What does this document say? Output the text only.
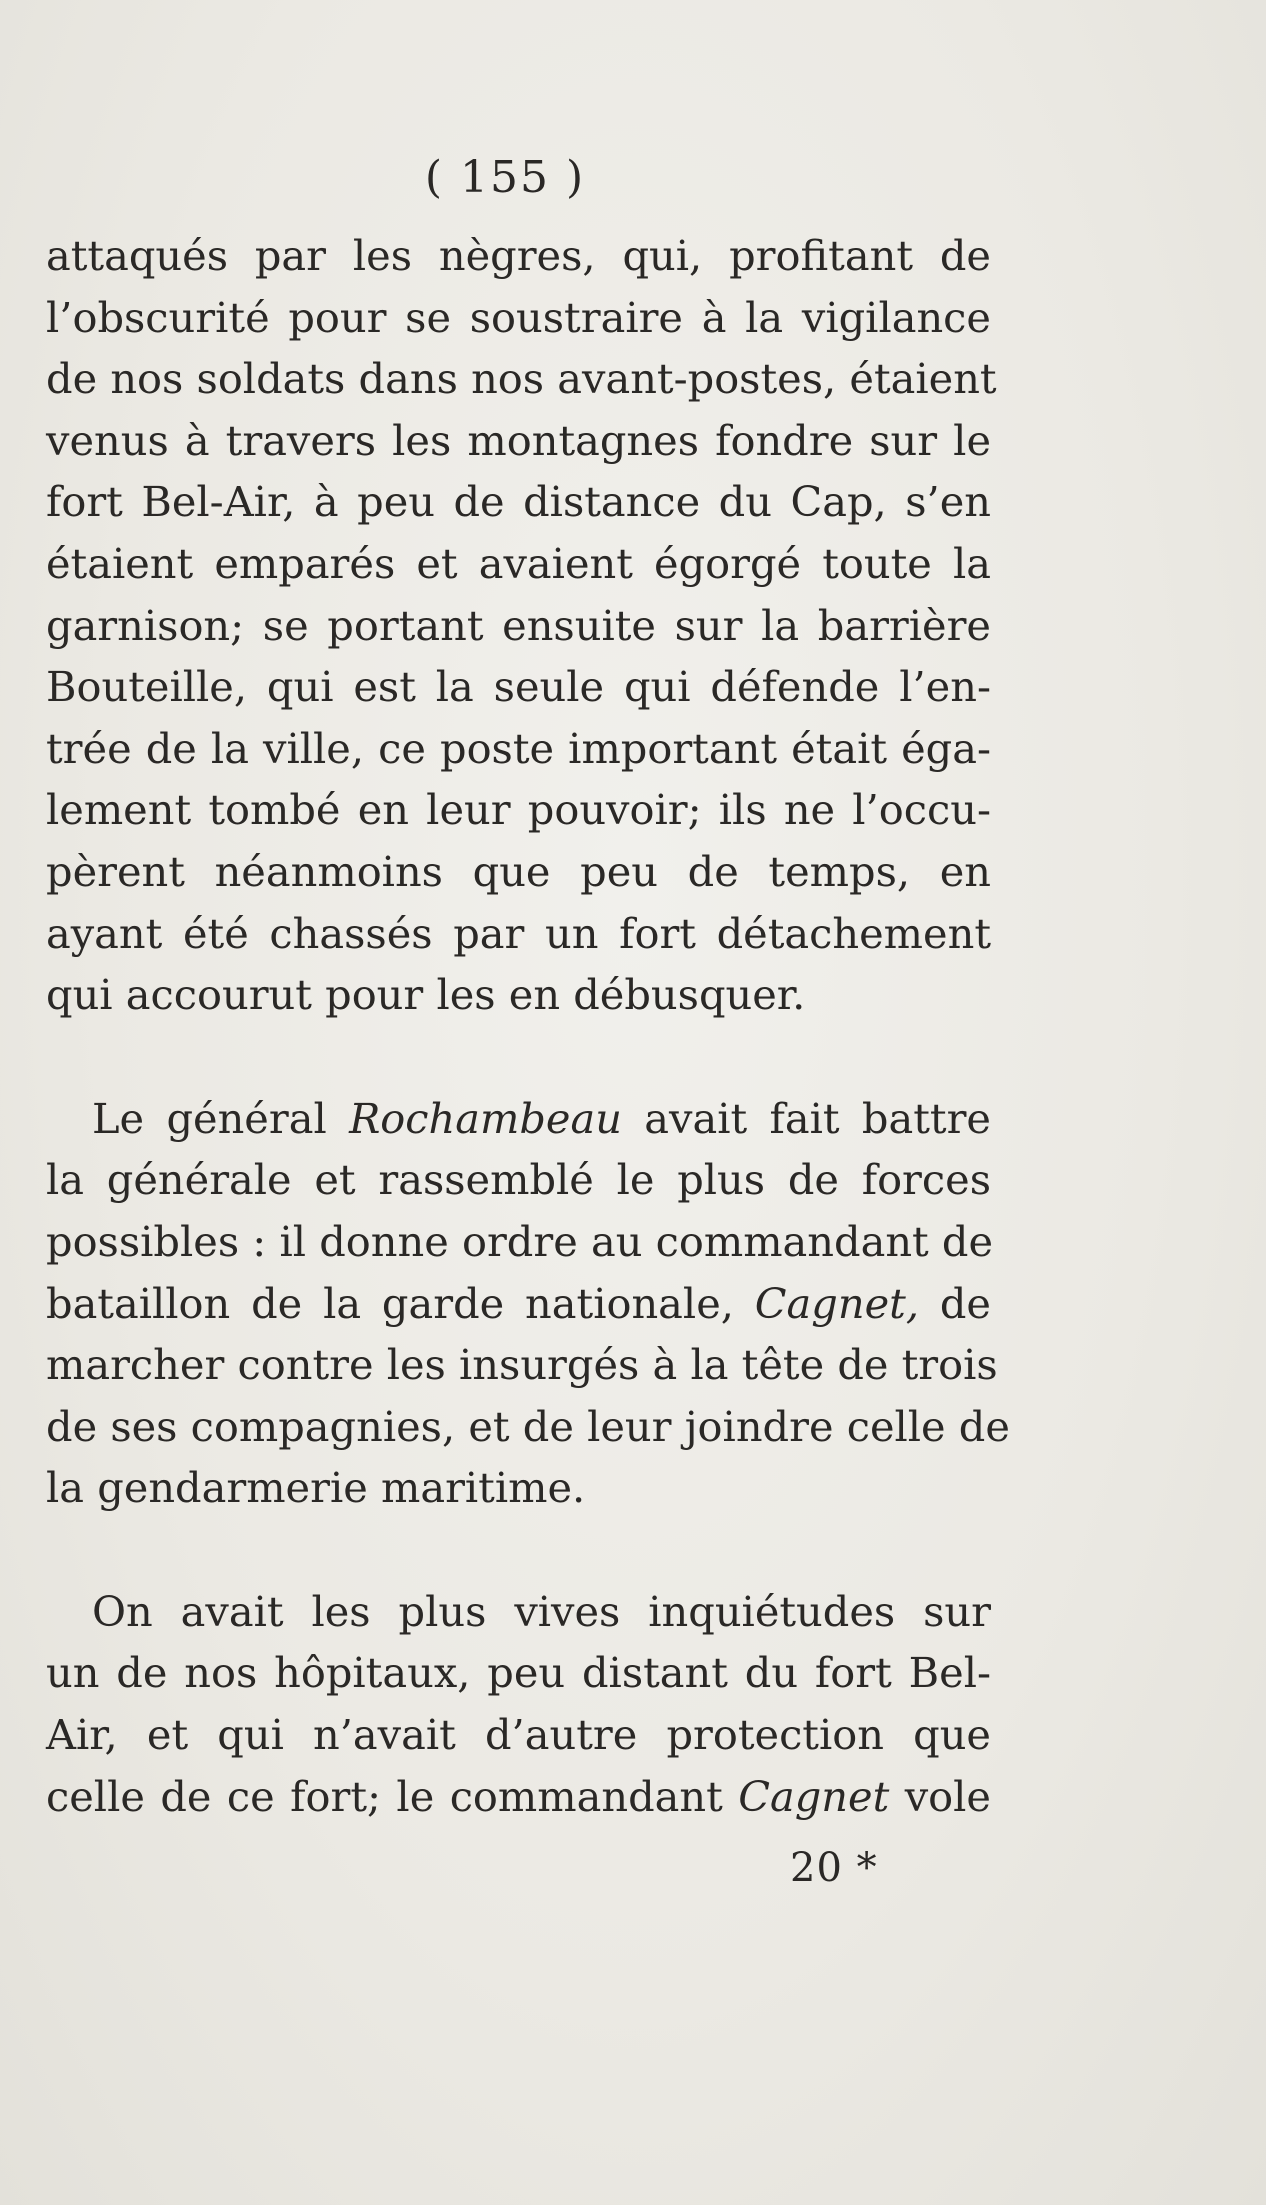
( 155 )

attaqués par les nègres, qui, profitant de
l’obscurité pour se soustraire à la vigilance
de nos soldats dans nos avant-postes, étaient
venus à travers les montagnes fondre sur le
fort Bel-Air, à peu de distance du Cap, s’en
étaient emparés et avaient égorgé toute la
garnison; se portant ensuite sur la barrière
Bouteille, qui est la seule qui défende l’en-
trée de la ville, ce poste important était éga-
lement tombé en leur pouvoir; ils ne l’occu-
pèrent néanmoins que peu de temps, en
ayant été chassés par un fort détachement
qui accourut pour les en débusquer.

Le général Rochambeau avait fait battre
la générale et rassemblé le plus de forces
possibles : il donne ordre au commandant de
bataillon de la garde nationale, Cagnet, de
marcher contre les insurgés à la tête de trois
de ses compagnies, et de leur joindre celle de
la gendarmerie maritime.

On avait les plus vives inquiétudes sur
un de nos hôpitaux, peu distant du fort Bel-
Air, et qui n’avait d’autre protection que
celle de ce fort; le commandant Cagnet vole

20 *
